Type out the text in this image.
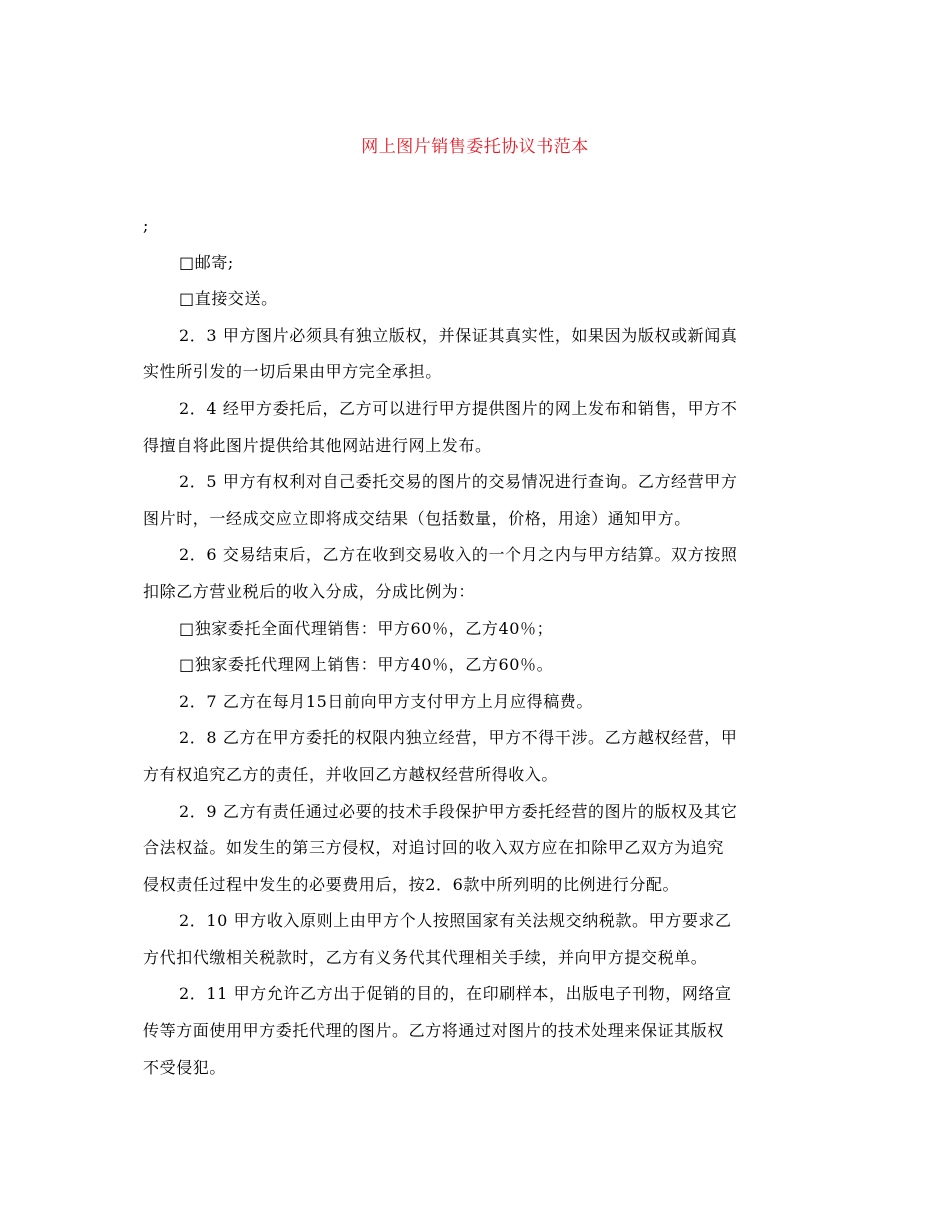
网上图片销售委托协议书范本
;
□邮寄;
□直接交送。
2．3 甲方图片必须具有独立版权，并保证其真实性，如果因为版权或新闻真
实性所引发的一切后果由甲方完全承担。
2．4 经甲方委托后，乙方可以进行甲方提供图片的网上发布和销售，甲方不
得擅自将此图片提供给其他网站进行网上发布。
2．5 甲方有权利对自己委托交易的图片的交易情况进行查询。乙方经营甲方
图片时，一经成交应立即将成交结果（包括数量，价格，用途）通知甲方。
2．6 交易结束后，乙方在收到交易收入的一个月之内与甲方结算。双方按照
扣除乙方营业税后的收入分成，分成比例为：
□独家委托全面代理销售：甲方60％，乙方40％；
□独家委托代理网上销售：甲方40％，乙方60％。
2．7 乙方在每月15日前向甲方支付甲方上月应得稿费。
2．8 乙方在甲方委托的权限内独立经营，甲方不得干涉。乙方越权经营，甲
方有权追究乙方的责任，并收回乙方越权经营所得收入。
2．9 乙方有责任通过必要的技术手段保护甲方委托经营的图片的版权及其它
合法权益。如发生的第三方侵权，对追讨回的收入双方应在扣除甲乙双方为追究
侵权责任过程中发生的必要费用后，按2．6款中所列明的比例进行分配。
2．10 甲方收入原则上由甲方个人按照国家有关法规交纳税款。甲方要求乙
方代扣代缴相关税款时，乙方有义务代其代理相关手续，并向甲方提交税单。
2．11 甲方允许乙方出于促销的目的，在印刷样本，出版电子刊物，网络宣
传等方面使用甲方委托代理的图片。乙方将通过对图片的技术处理来保证其版权
不受侵犯。
